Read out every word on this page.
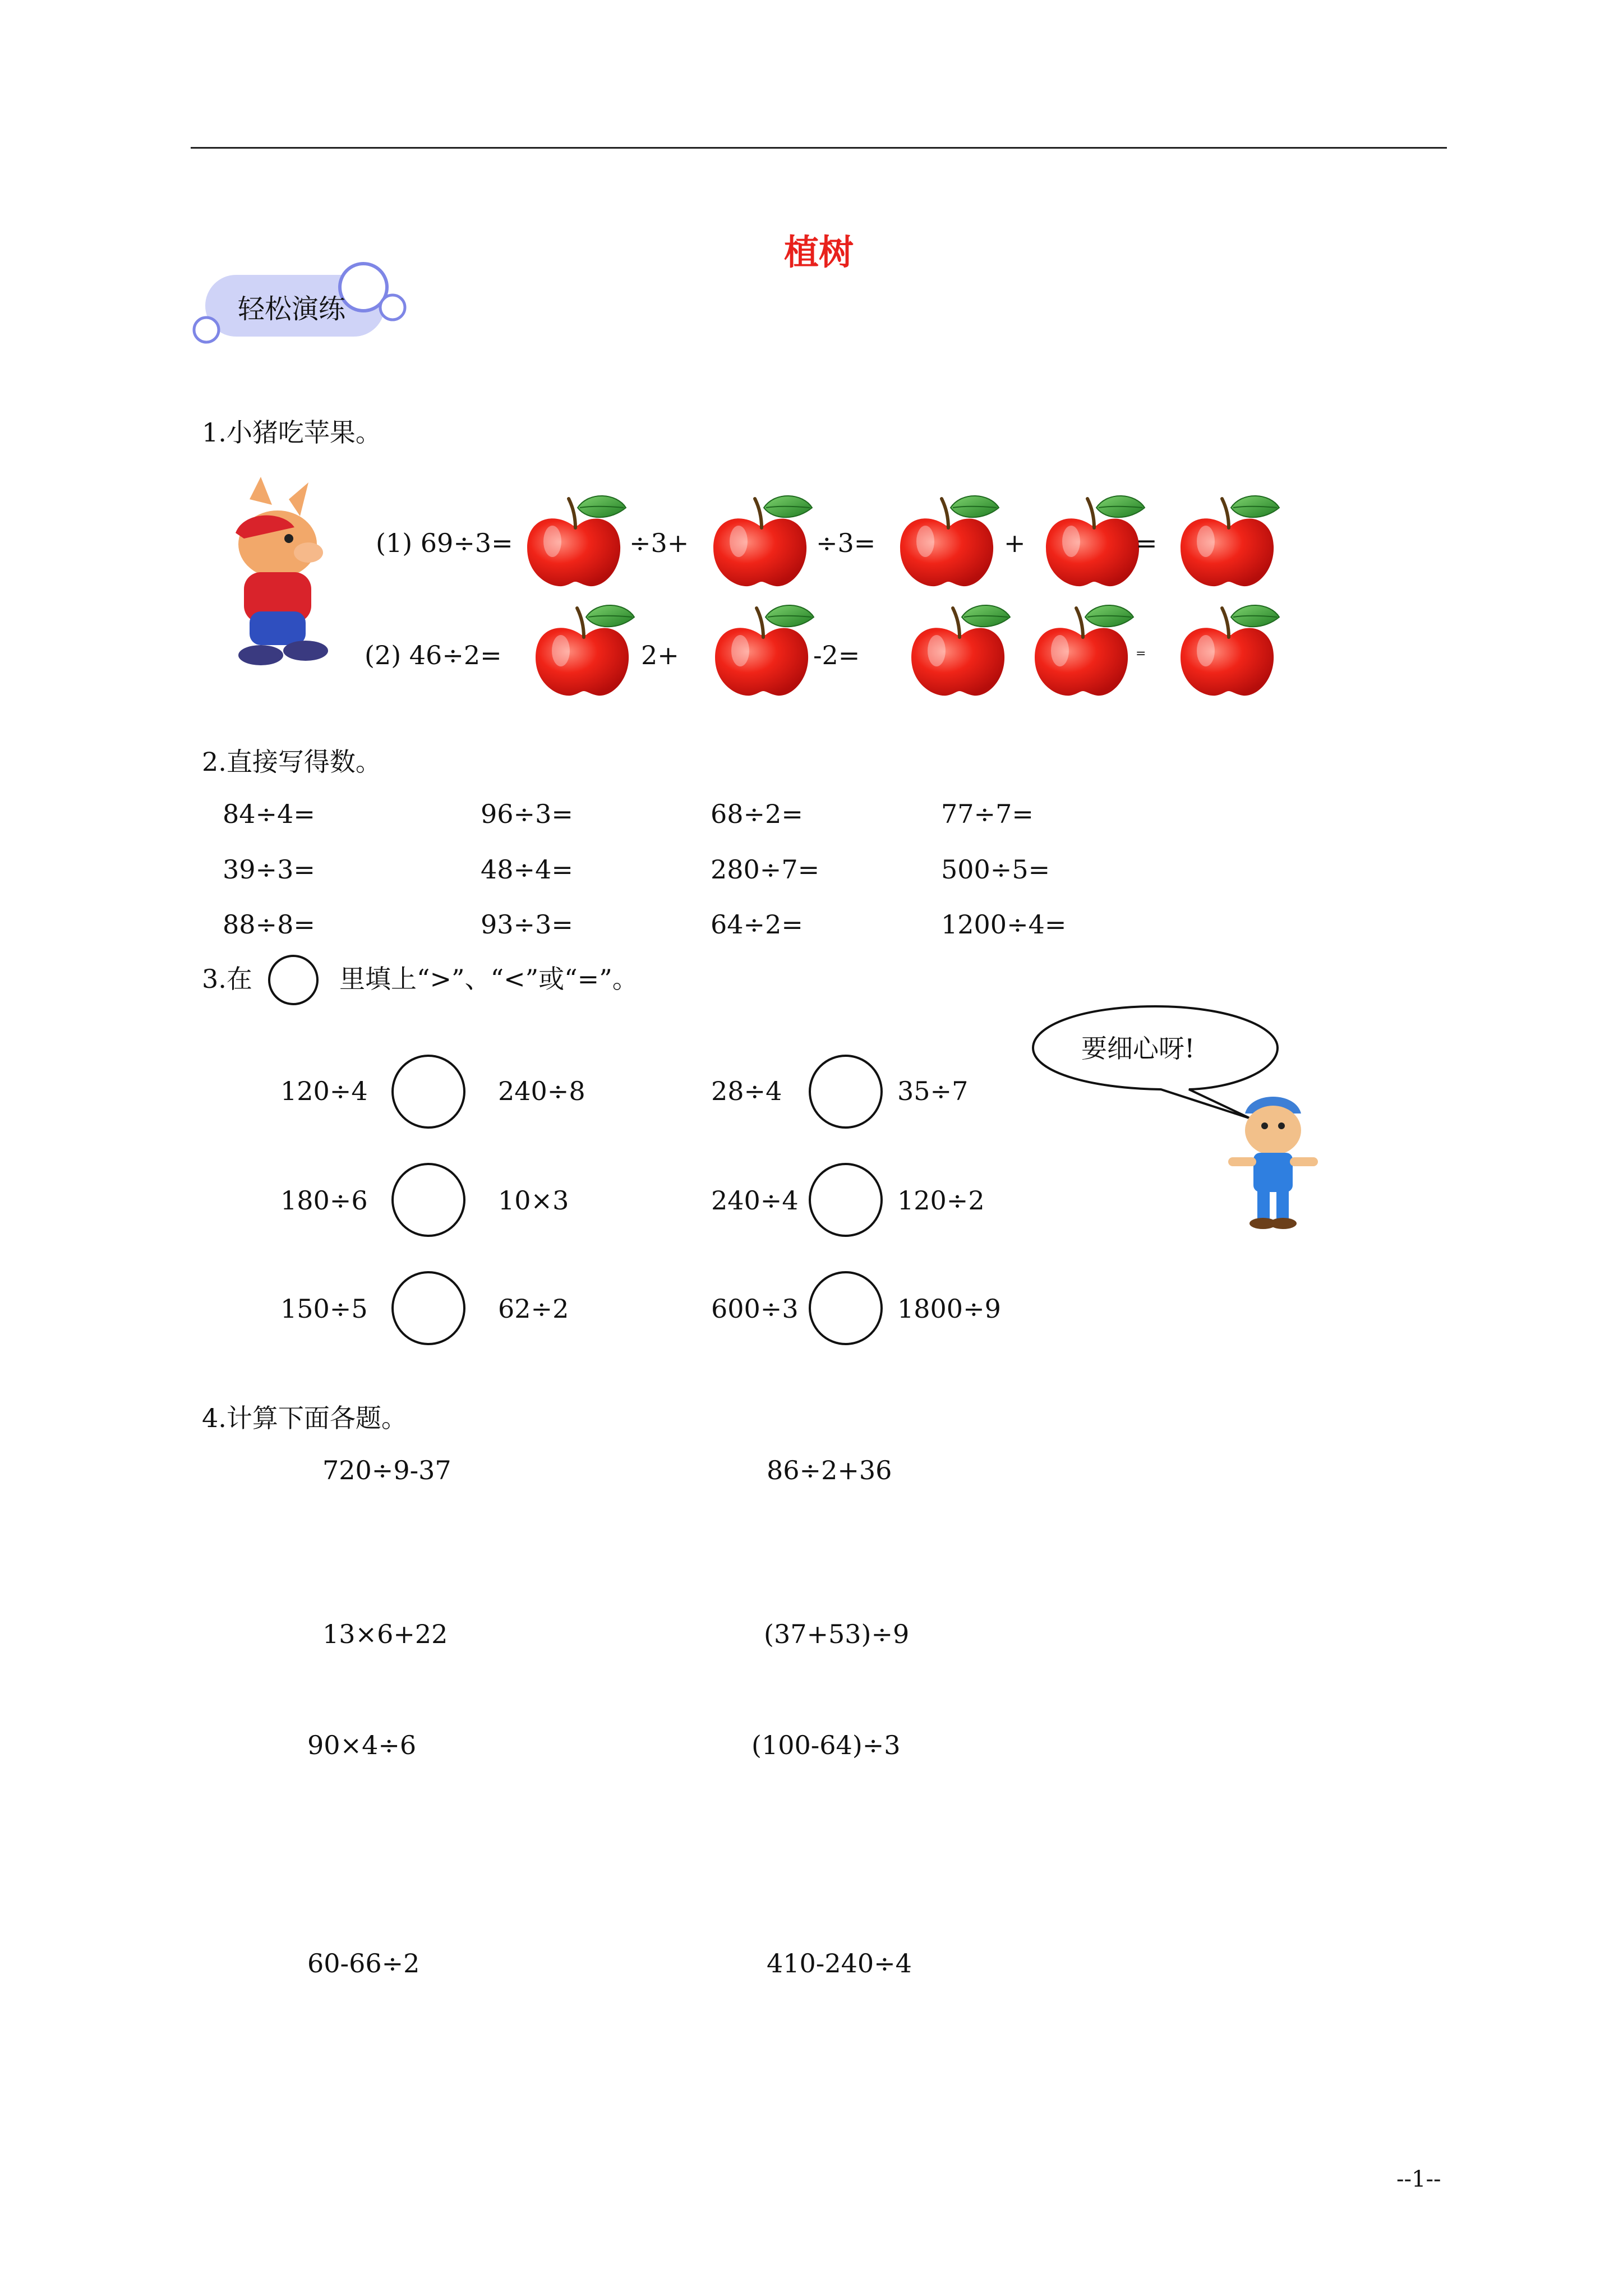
植树
轻松演练
1.小猪吃苹果。
(1) 69÷3=	÷3+	÷3=	+	=
(2) 46÷2=	2+	-2=	=
2.直接写得数。
84÷4=	96÷3=	68÷2=	77÷7=
39÷3=	48÷4=	280÷7=	500÷5=
88÷8=	93÷3=	64÷2=	1200÷4=
3.在	里填上“>”、“<”或“=”。
要细心呀!
120÷4	240÷8	28÷4	35÷7
180÷6	10×3	240÷4	120÷2
150÷5	62÷2	600÷3	1800÷9
4.计算下面各题。
720÷9-37	86÷2+36
13×6+22	(37+53)÷9
90×4÷6	(100-64)÷3
60-66÷2	410-240÷4
--1--
